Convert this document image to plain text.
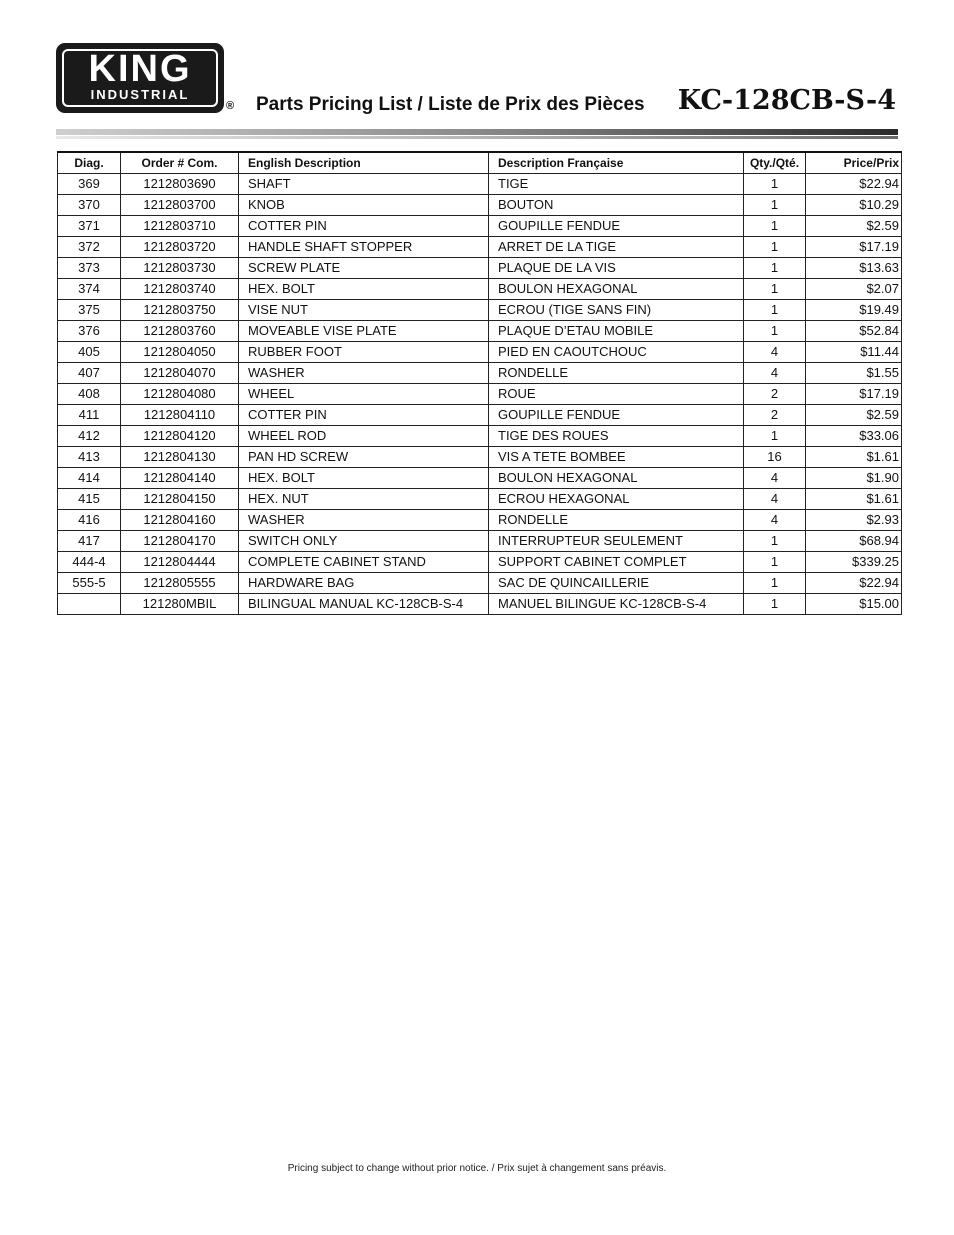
KING
INDUSTRIAL
® Parts Pricing List / Liste de Prix des Pièces KC-128CB-S-4
Diag.	Order # Com.	English Description	Description Française	Qty./Qté.	Price/Prix
369	1212803690	SHAFT	TIGE	1	$22.94
370	1212803700	KNOB	BOUTON	1	$10.29
371	1212803710	COTTER PIN	GOUPILLE FENDUE	1	$2.59
372	1212803720	HANDLE SHAFT STOPPER	ARRET DE LA TIGE	1	$17.19
373	1212803730	SCREW PLATE	PLAQUE DE LA VIS	1	$13.63
374	1212803740	HEX. BOLT	BOULON HEXAGONAL	1	$2.07
375	1212803750	VISE NUT	ECROU (TIGE SANS FIN)	1	$19.49
376	1212803760	MOVEABLE VISE PLATE	PLAQUE D’ETAU MOBILE	1	$52.84
405	1212804050	RUBBER FOOT	PIED EN CAOUTCHOUC	4	$11.44
407	1212804070	WASHER	RONDELLE	4	$1.55
408	1212804080	WHEEL	ROUE	2	$17.19
411	1212804110	COTTER PIN	GOUPILLE FENDUE	2	$2.59
412	1212804120	WHEEL ROD	TIGE DES ROUES	1	$33.06
413	1212804130	PAN HD SCREW	VIS A TETE BOMBEE	16	$1.61
414	1212804140	HEX. BOLT	BOULON HEXAGONAL	4	$1.90
415	1212804150	HEX. NUT	ECROU HEXAGONAL	4	$1.61
416	1212804160	WASHER	RONDELLE	4	$2.93
417	1212804170	SWITCH ONLY	INTERRUPTEUR SEULEMENT	1	$68.94
444-4	1212804444	COMPLETE CABINET STAND	SUPPORT CABINET COMPLET	1	$339.25
555-5	1212805555	HARDWARE BAG	SAC DE QUINCAILLERIE	1	$22.94
	121280MBIL	BILINGUAL MANUAL KC-128CB-S-4	MANUEL BILINGUE KC-128CB-S-4	1	$15.00
Pricing subject to change without prior notice. / Prix sujet à changement sans préavis.
